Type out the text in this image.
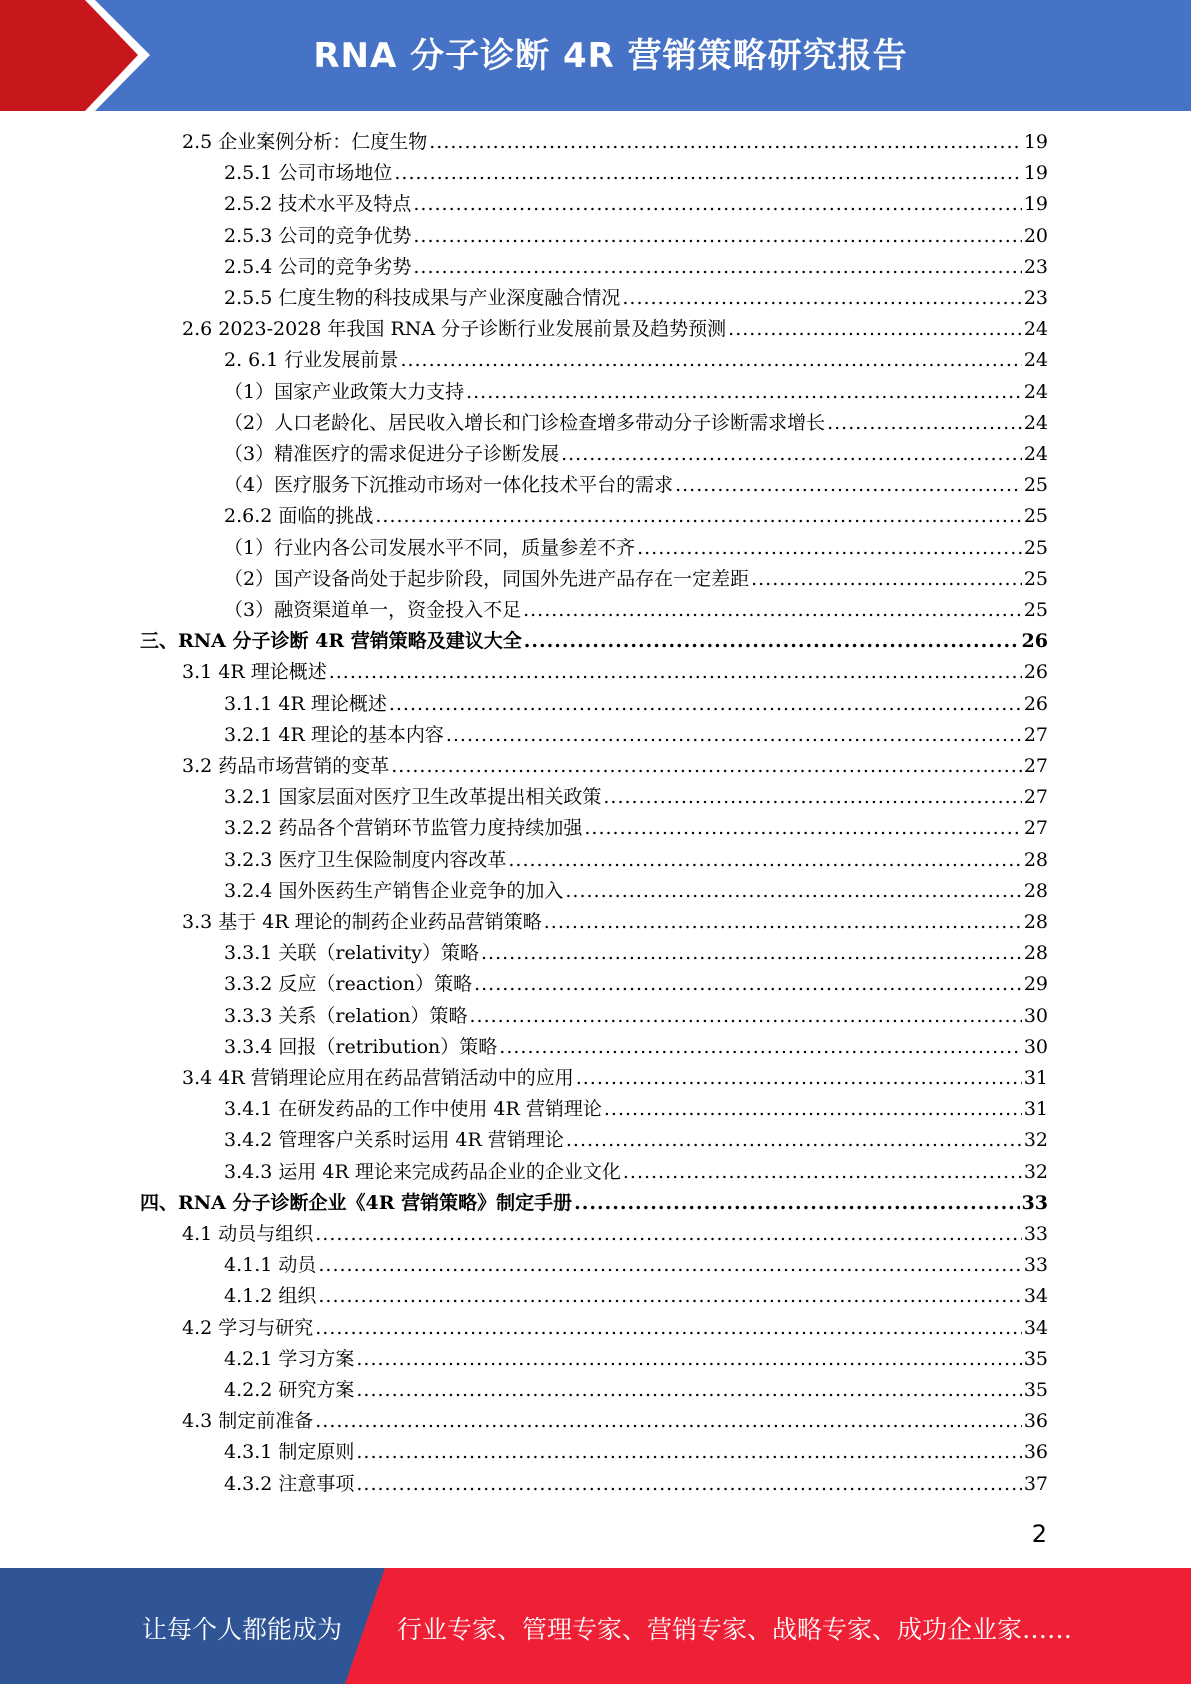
RNA 分子诊断 4R 营销策略研究报告
2.5 企业案例分析：仁度生物 .....	19
2.5.1 公司市场地位 .....	19
2.5.2 技术水平及特点 .....	19
2.5.3 公司的竞争优势 .....	20
2.5.4 公司的竞争劣势 .....	23
2.5.5 仁度生物的科技成果与产业深度融合情况 .....	23
2.6 2023-2028 年我国 RNA 分子诊断行业发展前景及趋势预测 .....	24
2. 6.1 行业发展前景 .....	24
（1）国家产业政策大力支持 .....	24
（2）人口老龄化、居民收入增长和门诊检查增多带动分子诊断需求增长 .....	24
（3）精准医疗的需求促进分子诊断发展 .....	24
（4）医疗服务下沉推动市场对一体化技术平台的需求 .....	25
2.6.2 面临的挑战 .....	25
（1）行业内各公司发展水平不同，质量参差不齐 .....	25
（2）国产设备尚处于起步阶段，同国外先进产品存在一定差距 .....	25
（3）融资渠道单一，资金投入不足 .....	25
三、RNA 分子诊断 4R 营销策略及建议大全 .....	26
3.1 4R 理论概述 .....	26
3.1.1 4R 理论概述 .....	26
3.2.1 4R 理论的基本内容 .....	27
3.2 药品市场营销的变革 .....	27
3.2.1 国家层面对医疗卫生改革提出相关政策 .....	27
3.2.2 药品各个营销环节监管力度持续加强 .....	27
3.2.3 医疗卫生保险制度内容改革 .....	28
3.2.4 国外医药生产销售企业竞争的加入 .....	28
3.3 基于 4R 理论的制药企业药品营销策略 .....	28
3.3.1 关联（relativity）策略 .....	28
3.3.2 反应（reaction）策略 .....	29
3.3.3 关系（relation）策略 .....	30
3.3.4 回报（retribution）策略 .....	30
3.4 4R 营销理论应用在药品营销活动中的应用 .....	31
3.4.1 在研发药品的工作中使用 4R 营销理论 .....	31
3.4.2 管理客户关系时运用 4R 营销理论 .....	32
3.4.3 运用 4R 理论来完成药品企业的企业文化 .....	32
四、RNA 分子诊断企业《4R 营销策略》制定手册 .....	33
4.1 动员与组织 .....	33
4.1.1 动员 .....	33
4.1.2 组织 .....	34
4.2 学习与研究 .....	34
4.2.1 学习方案 .....	35
4.2.2 研究方案 .....	35
4.3 制定前准备 .....	36
4.3.1 制定原则 .....	36
4.3.2 注意事项 .....	37
2
让每个人都能成为 行业专家、管理专家、营销专家、战略专家、成功企业家……
